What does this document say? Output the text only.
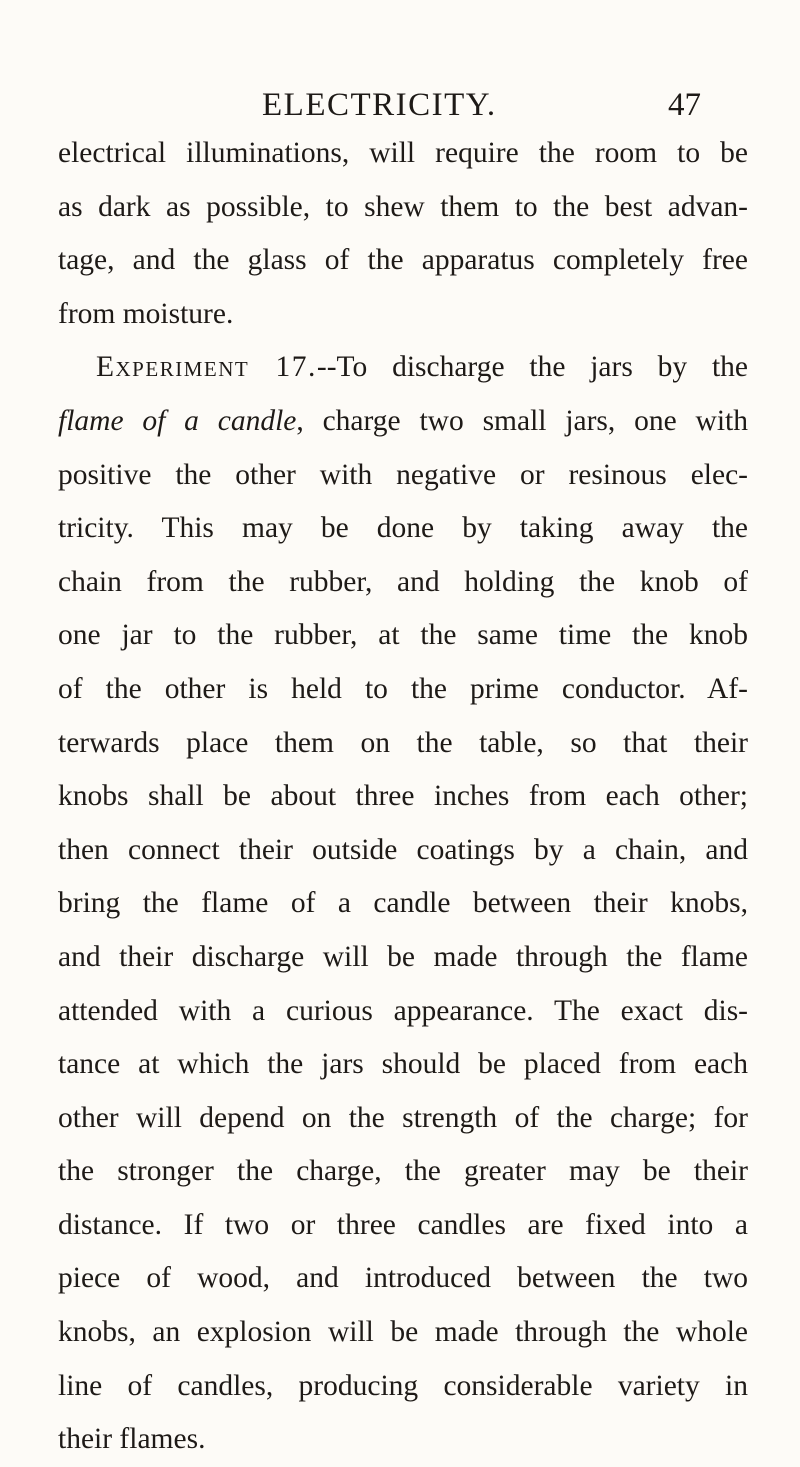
ELECTRICITY.	47
electrical illuminations, will require the room to be
as dark as possible, to shew them to the best advan-
tage, and the glass of the apparatus completely free
from moisture.
Experiment 17.--To discharge the jars by the
flame of a candle, charge two small jars, one with
positive the other with negative or resinous elec-
tricity. This may be done by taking away the
chain from the rubber, and holding the knob of
one jar to the rubber, at the same time the knob
of the other is held to the prime conductor. Af-
terwards place them on the table, so that their
knobs shall be about three inches from each other;
then connect their outside coatings by a chain, and
bring the flame of a candle between their knobs,
and their discharge will be made through the flame
attended with a curious appearance. The exact dis-
tance at which the jars should be placed from each
other will depend on the strength of the charge; for
the stronger the charge, the greater may be their
distance. If two or three candles are fixed into a
piece of wood, and introduced between the two
knobs, an explosion will be made through the whole
line of candles, producing considerable variety in
their flames.
